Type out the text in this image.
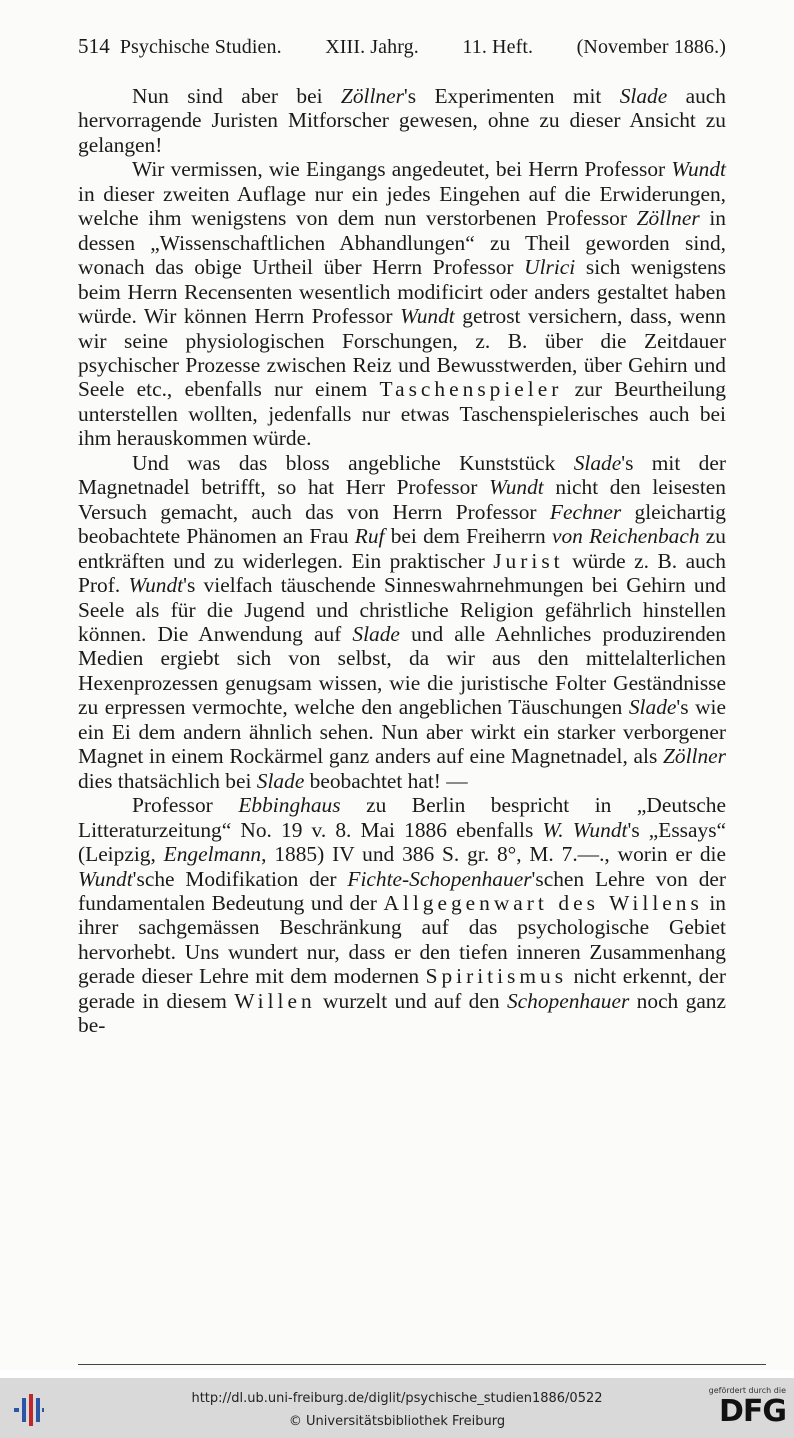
514 Psychische Studien. XIII. Jahrg. 11. Heft. (November 1886.)

Nun sind aber bei Zöllner's Experimenten mit Slade auch hervorragende Juristen Mitforscher gewesen, ohne zu dieser Ansicht zu gelangen!

Wir vermissen, wie Eingangs angedeutet, bei Herrn Professor Wundt in dieser zweiten Auflage nur ein jedes Eingehen auf die Erwiderungen, welche ihm wenigstens von dem nun verstorbenen Professor Zöllner in dessen „Wissenschaftlichen Abhandlungen“ zu Theil geworden sind, wonach das obige Urtheil über Herrn Professor Ulrici sich wenigstens beim Herrn Recensenten wesentlich modificirt oder anders gestaltet haben würde. Wir können Herrn Professor Wundt getrost versichern, dass, wenn wir seine physiologischen Forschungen, z. B. über die Zeitdauer psychischer Prozesse zwischen Reiz und Bewusstwerden, über Gehirn und Seele etc., ebenfalls nur einem Taschenspieler zur Beurtheilung unterstellen wollten, jedenfalls nur etwas Taschenspielerisches auch bei ihm herauskommen würde.

Und was das bloss angebliche Kunststück Slade's mit der Magnetnadel betrifft, so hat Herr Professor Wundt nicht den leisesten Versuch gemacht, auch das von Herrn Professor Fechner gleichartig beobachtete Phänomen an Frau Ruf bei dem Freiherrn von Reichenbach zu entkräften und zu widerlegen. Ein praktischer Jurist würde z. B. auch Prof. Wundt's vielfach täuschende Sinneswahrnehmungen bei Gehirn und Seele als für die Jugend und christliche Religion gefährlich hinstellen können. Die Anwendung auf Slade und alle Aehnliches produzirenden Medien ergiebt sich von selbst, da wir aus den mittelalterlichen Hexenprozessen genugsam wissen, wie die juristische Folter Geständnisse zu erpressen vermochte, welche den angeblichen Täuschungen Slade's wie ein Ei dem andern ähnlich sehen. Nun aber wirkt ein starker verborgener Magnet in einem Rockärmel ganz anders auf eine Magnetnadel, als Zöllner dies thatsächlich bei Slade beobachtet hat! —

Professor Ebbinghaus zu Berlin bespricht in „Deutsche Litteraturzeitung“ No. 19 v. 8. Mai 1886 ebenfalls W. Wundt's „Essays“ (Leipzig, Engelmann, 1885) IV und 386 S. gr. 8°, M. 7.—., worin er die Wundt'sche Modifikation der Fichte-Schopenhauer'schen Lehre von der fundamentalen Bedeutung und der Allgegenwart des Willens in ihrer sachgemässen Beschränkung auf das psychologische Gebiet hervorhebt. Uns wundert nur, dass er den tiefen inneren Zusammenhang gerade dieser Lehre mit dem modernen Spiritismus nicht erkennt, der gerade in diesem Willen wurzelt und auf den Schopenhauer noch ganz be-

http://dl.ub.uni-freiburg.de/diglit/psychische_studien1886/0522
© Universitätsbibliothek Freiburg
gefördert durch die
DFG
